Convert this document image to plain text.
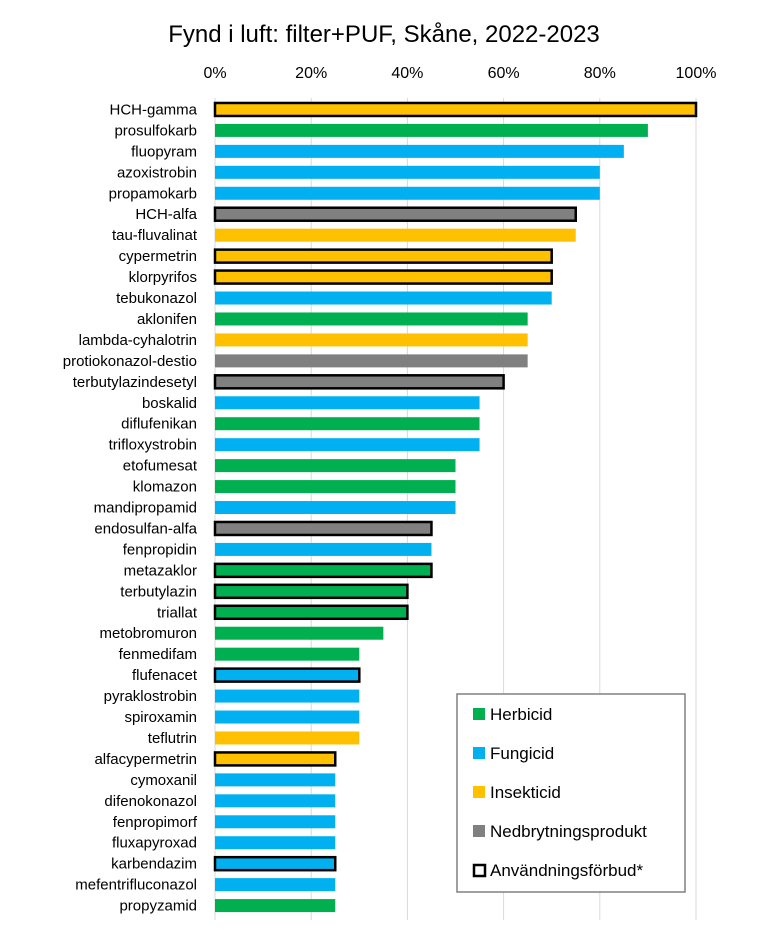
Fynd i luft: filter+PUF, Skåne, 2022-2023
0%	20%	40%	60%	80%	100%
HCH-gamma
prosulfokarb
fluopyram
azoxistrobin
propamokarb
HCH-alfa
tau-fluvalinat
cypermetrin
klorpyrifos
tebukonazol
aklonifen
lambda-cyhalotrin
protiokonazol-destio
terbutylazindesetyl
boskalid
diflufenikan
trifloxystrobin
etofumesat
klomazon
mandipropamid
endosulfan-alfa
fenpropidin
metazaklor
terbutylazin
triallat
metobromuron
fenmedifam
flufenacet
pyraklostrobin
spiroxamin
teflutrin
alfacypermetrin
cymoxanil
difenokonazol
fenpropimorf
fluxapyroxad
karbendazim
mefentrifluconazol
propyzamid
Herbicid
Fungicid
Insekticid
Nedbrytningsprodukt
Användningsförbud*
